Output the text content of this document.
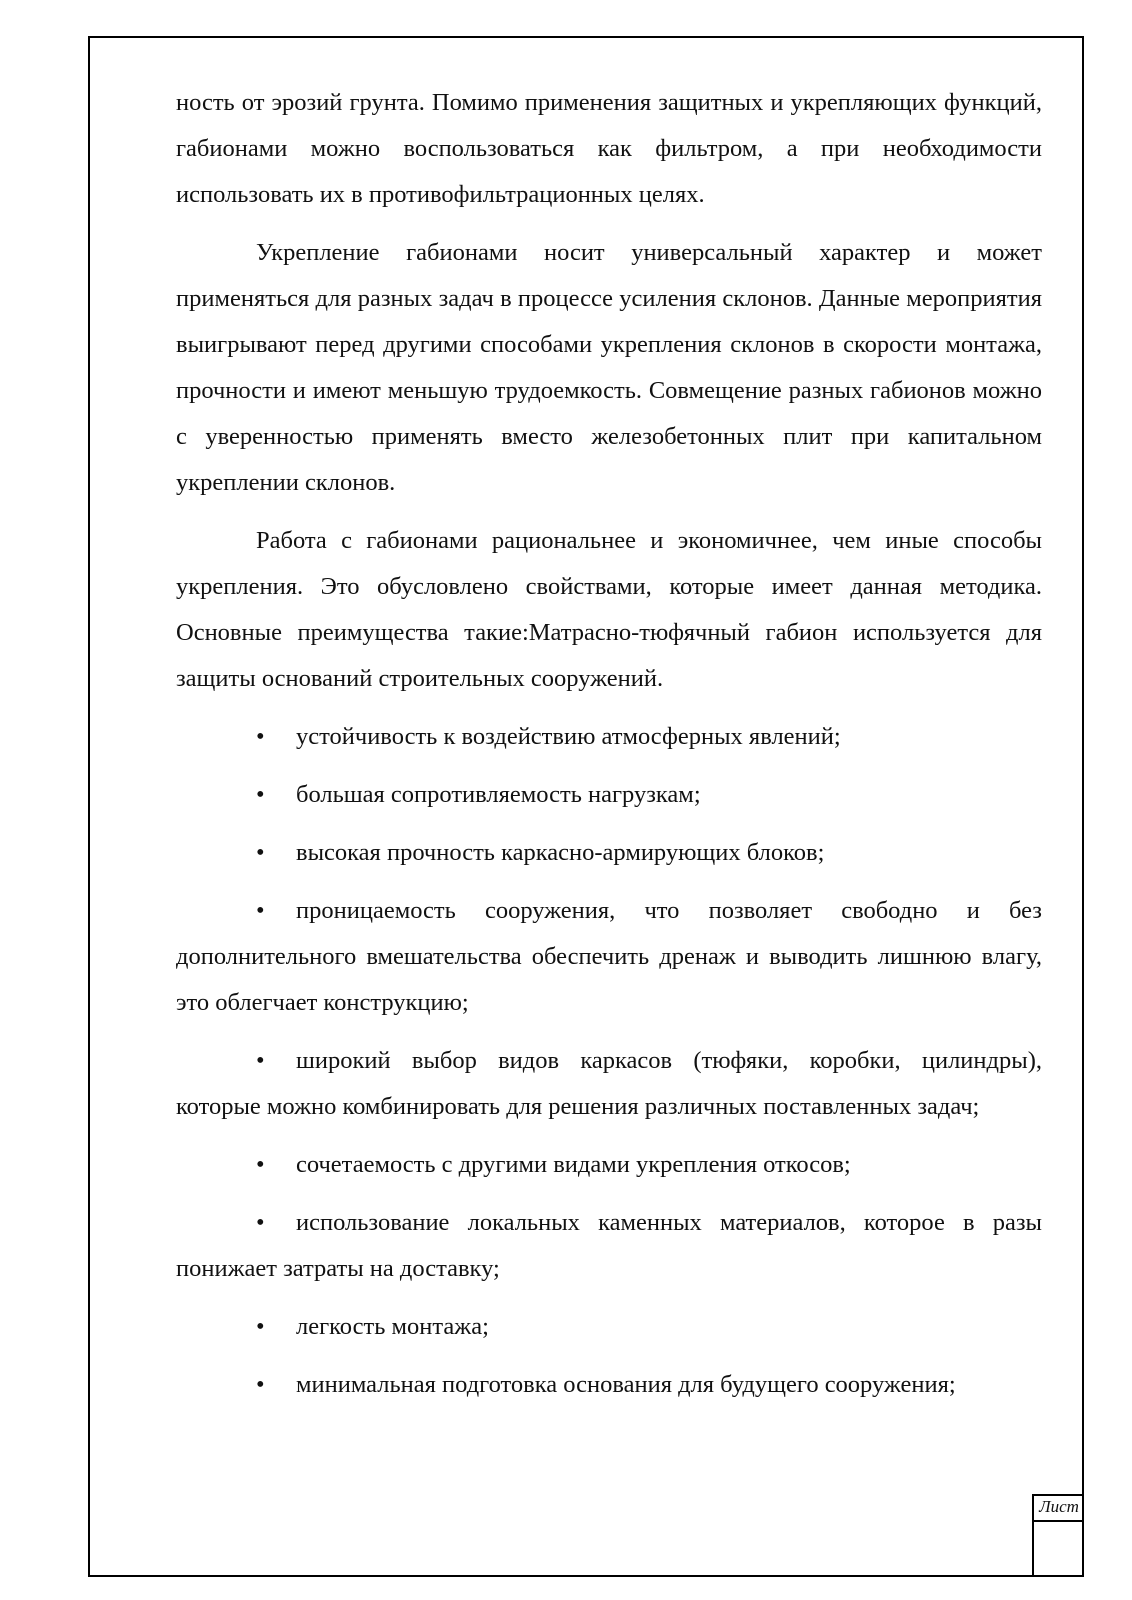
ность от эрозий грунта. Помимо применения защитных и укрепляющих функций, габионами можно воспользоваться как фильтром, а при необходимости использовать их в противофильтрационных целях.

Укрепление габионами носит универсальный характер и может применяться для разных задач в процессе усиления склонов. Данные мероприятия выигрывают перед другими способами укрепления склонов в скорости монтажа, прочности и имеют меньшую трудоемкость. Совмещение разных габионов можно с уверенностью применять вместо железобетонных плит при капитальном укреплении склонов.

Работа с габионами рациональнее и экономичнее, чем иные способы укрепления. Это обусловлено свойствами, которые имеет данная методика. Основные преимущества такие:Матрасно-тюфячный габион используется для защиты оснований строительных сооружений.

• устойчивость к воздействию атмосферных явлений;

• большая сопротивляемость нагрузкам;

• высокая прочность каркасно-армирующих блоков;

• проницаемость сооружения, что позволяет свободно и без дополнительного вмешательства обеспечить дренаж и выводить лишнюю влагу, это облегчает конструкцию;

• широкий выбор видов каркасов (тюфяки, коробки, цилиндры), которые можно комбинировать для решения различных поставленных задач;

• сочетаемость с другими видами укрепления откосов;

• использование локальных каменных материалов, которое в разы понижает затраты на доставку;

• легкость монтажа;

• минимальная подготовка основания для будущего сооружения;

Лист
